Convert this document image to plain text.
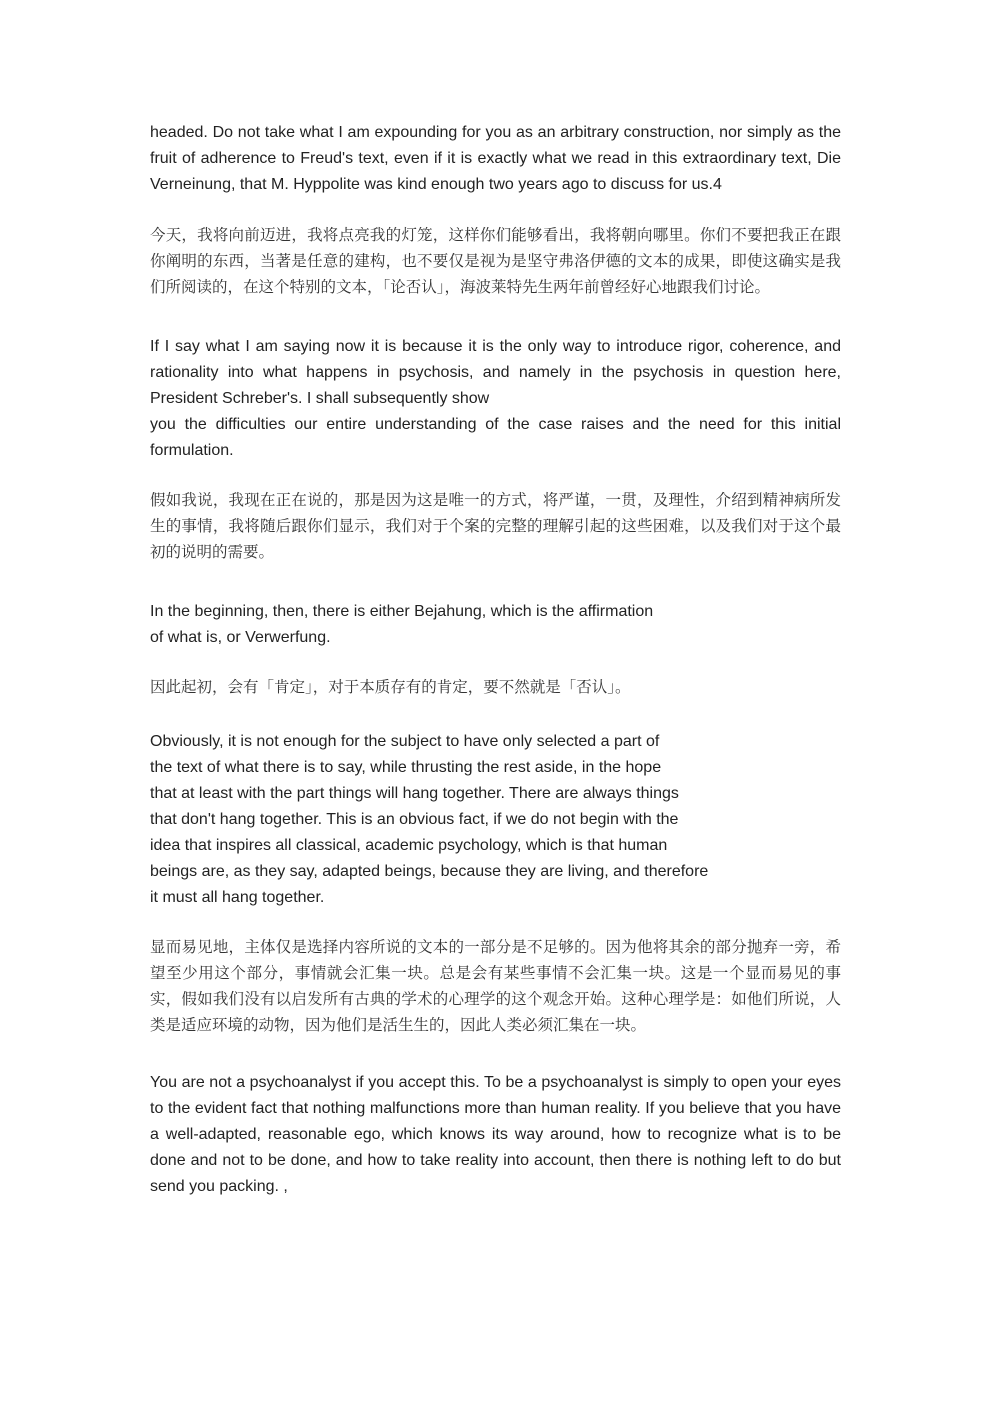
headed. Do not take what I am expounding for you as an arbitrary construction, nor simply as the fruit of adherence to Freud's text, even if it is exactly what we read in this extraordinary text, Die Verneinung, that M. Hyppolite was kind enough two years ago to discuss for us.4

今天，我将向前迈进，我将点亮我的灯笼，这样你们能够看出，我将朝向哪里。你们不要把我正在跟你阐明的东西，当著是任意的建构，也不要仅是视为是坚守弗洛伊德的文本的成果，即使这确实是我们所阅读的，在这个特别的文本，「论否认」，海波莱特先生两年前曾经好心地跟我们讨论。

If I say what I am saying now it is because it is the only way to introduce rigor, coherence, and rationality into what happens in psychosis, and namely in the psychosis in question here, President Schreber's. I shall subsequently show

you the difficulties our entire understanding of the case raises and the need for this initial formulation.

假如我说，我现在正在说的，那是因为这是唯一的方式，将严谨，一贯，及理性，介绍到精神病所发生的事情，我将随后跟你们显示，我们对于个案的完整的理解引起的这些困难，以及我们对于这个最初的说明的需要。

In the beginning, then, there is either Bejahung, which is the affirmation
of what is, or Verwerfung.

因此起初，会有「肯定」，对于本质存有的肯定，要不然就是「否认」。

Obviously, it is not enough for the subject to have only selected a part of
the text of what there is to say, while thrusting the rest aside, in the hope
that at least with the part things will hang together. There are always things
that don't hang together. This is an obvious fact, if we do not begin with the
idea that inspires all classical, academic psychology, which is that human
beings are, as they say, adapted beings, because they are living, and therefore
it must all hang together.

显而易见地，主体仅是选择内容所说的文本的一部分是不足够的。因为他将其余的部分抛弃一旁，希望至少用这个部分，事情就会汇集一块。总是会有某些事情不会汇集一块。这是一个显而易见的事实，假如我们没有以启发所有古典的学术的心理学的这个观念开始。这种心理学是：如他们所说，人类是适应环境的动物，因为他们是活生生的，因此人类必须汇集在一块。

You are not a psychoanalyst if you accept this. To be a psychoanalyst is simply to open your eyes to the evident fact that nothing malfunctions more than human reality. If you believe that you have a well-adapted, reasonable ego, which knows its way around, how to recognize what is to be done and not to be done, and how to take reality into account, then there is nothing left to do but send you packing. ,
